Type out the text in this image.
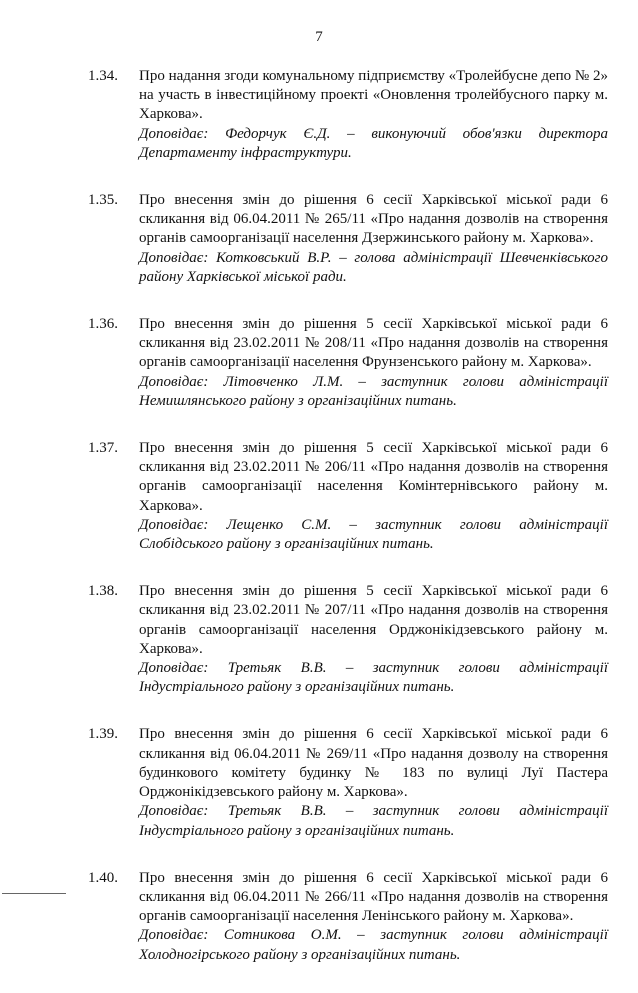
7
1.34. Про надання згоди комунальному підприємству «Тролейбусне депо № 2» на участь в інвестиційному проекті «Оновлення тролейбусного парку м. Харкова».
Доповідає: Федорчук Є.Д. – виконуючий обов'язки директора Департаменту інфраструктури.
1.35. Про внесення змін до рішення 6 сесії Харківської міської ради 6 скликання від 06.04.2011 № 265/11 «Про надання дозволів на створення органів самоорганізації населення Дзержинського району м. Харкова».
Доповідає: Котковський В.Р. – голова адміністрації Шевченківського району Харківської міської ради.
1.36. Про внесення змін до рішення 5 сесії Харківської міської ради 6 скликання від 23.02.2011 № 208/11 «Про надання дозволів на створення органів самоорганізації населення Фрунзенського району м. Харкова».
Доповідає: Літовченко Л.М. – заступник голови адміністрації Немишлянського району з організаційних питань.
1.37. Про внесення змін до рішення 5 сесії Харківської міської ради 6 скликання від 23.02.2011 № 206/11 «Про надання дозволів на створення органів самоорганізації населення Комінтернівського району м. Харкова».
Доповідає: Лещенко С.М. – заступник голови адміністрації Слобідського району з організаційних питань.
1.38. Про внесення змін до рішення 5 сесії Харківської міської ради 6 скликання від 23.02.2011 № 207/11 «Про надання дозволів на створення органів самоорганізації населення Орджонікідзевського району м. Харкова».
Доповідає: Третьяк В.В. – заступник голови адміністрації Індустріального району з організаційних питань.
1.39. Про внесення змін до рішення 6 сесії Харківської міської ради 6 скликання від 06.04.2011 № 269/11 «Про надання дозволу на створення будинкового комітету будинку № 183 по вулиці Луї Пастера Орджонікідзевського району м. Харкова».
Доповідає: Третьяк В.В. – заступник голови адміністрації Індустріального району з організаційних питань.
1.40. Про внесення змін до рішення 6 сесії Харківської міської ради 6 скликання від 06.04.2011 № 266/11 «Про надання дозволів на створення органів самоорганізації населення Ленінського району м. Харкова».
Доповідає: Сотникова О.М. – заступник голови адміністрації Холодногірського району з організаційних питань.
